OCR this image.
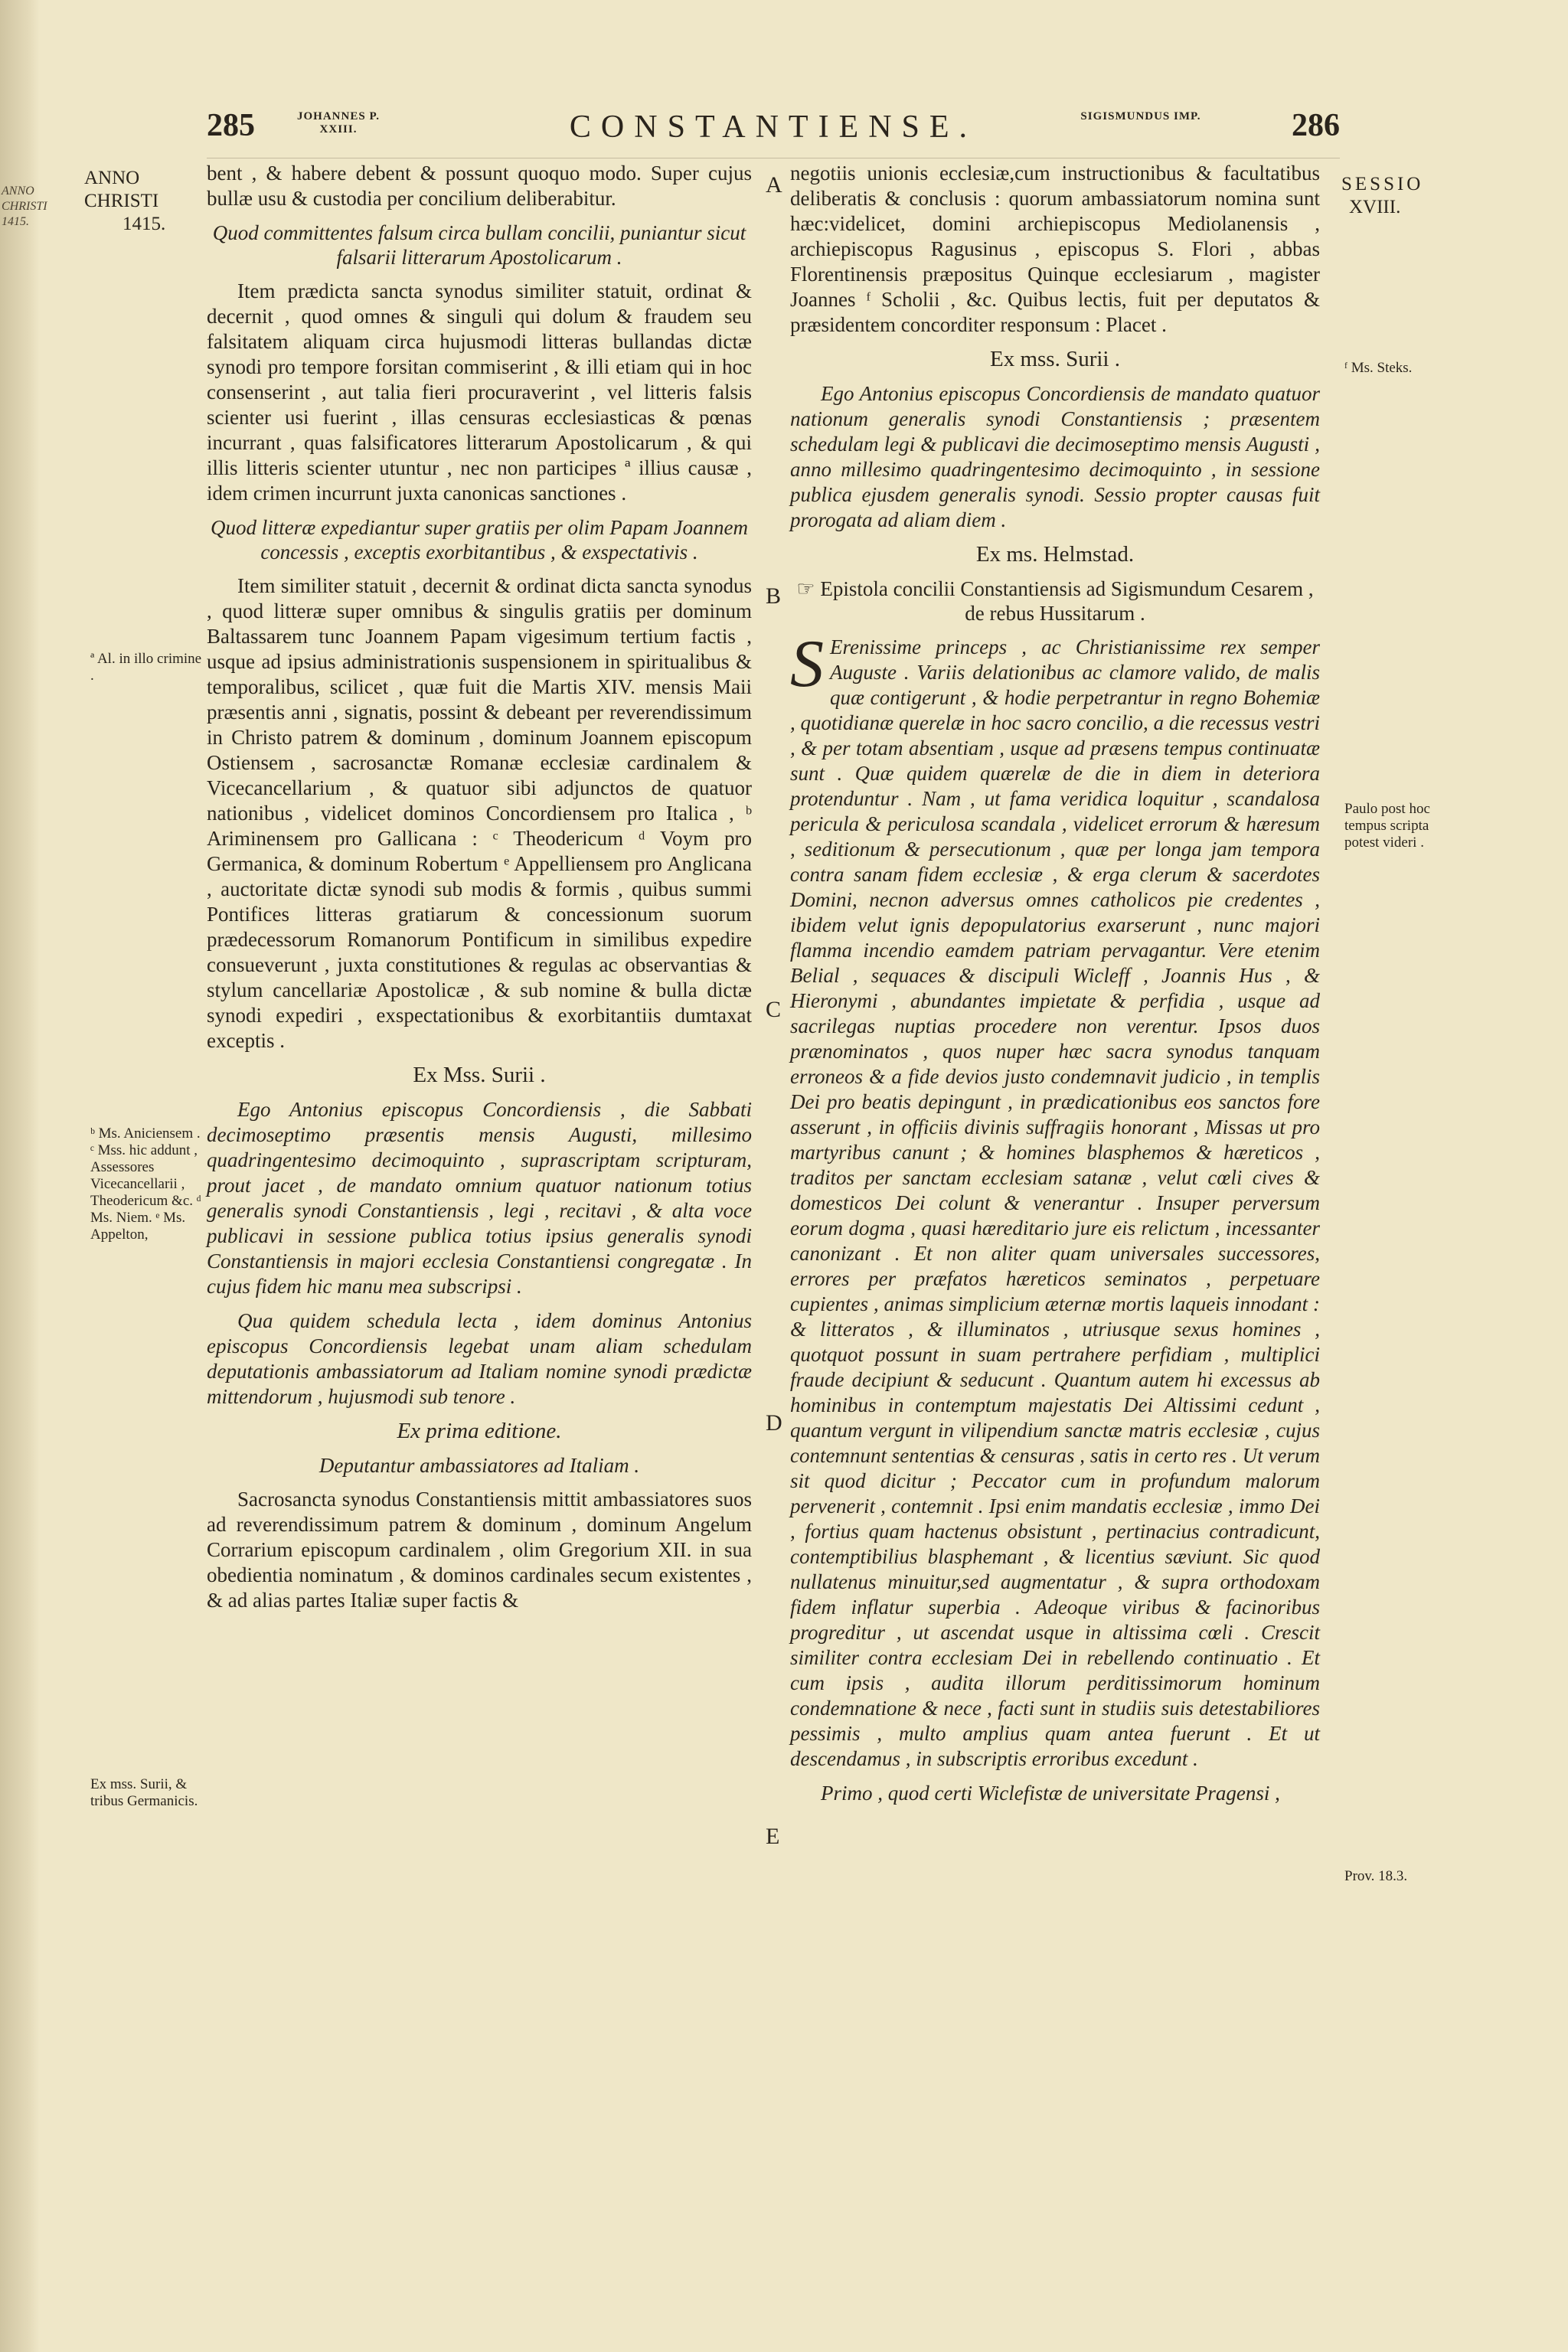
ANNO CHRISTI 1415.
285	JOHANNES P. XXIII.	CONSTANTIENSE.	SIGISMUNDUS IMP.	286
ANNO CHRISTI
1415.
SESSIO
XVIII.

bent , & habere debent & possunt quoquo modo. Super cujus bullæ usu & custodia per concilium deliberabitur.

Quod committentes falsum circa bullam concilii, puniantur sicut falsarii litterarum Apostolicarum .

Item prædicta sancta synodus similiter statuit, ordinat & decernit , quod omnes & singuli qui dolum & fraudem seu falsitatem aliquam circa hujusmodi litteras bullandas dictæ synodi pro tempore forsitan commiserint , & illi etiam qui in hoc consenserint , aut talia fieri procuraverint , vel litteris falsis scienter usi fuerint , illas censuras ecclesiasticas & pœnas incurrant , quas falsificatores litterarum Apostolicarum , & qui illis litteris scienter utuntur , nec non participes ª illius causæ , idem crimen incurrunt juxta canonicas sanctiones .

Quod litteræ expediantur super gratiis per olim Papam Joannem concessis , exceptis exorbitantibus , & exspectativis .

Item similiter statuit , decernit & ordinat dicta sancta synodus , quod litteræ super omnibus & singulis gratiis per dominum Baltassarem tunc Joannem Papam vigesimum tertium factis , usque ad ipsius administrationis suspensionem in spiritualibus & temporalibus, scilicet , quæ fuit die Martis XIV. mensis Maii præsentis anni , signatis, possint & debeant per reverendissimum in Christo patrem & dominum , dominum Joannem episcopum Ostiensem , sacrosanctæ Romanæ ecclesiæ cardinalem & Vicecancellarium , & quatuor sibi adjunctos de quatuor nationibus , videlicet dominos Concordiensem pro Italica , ᵇ Ariminensem pro Gallicana : ᶜ Theodericum ᵈ Voym pro Germanica, & dominum Robertum ᵉ Appelliensem pro Anglicana , auctoritate dictæ synodi sub modis & formis , quibus summi Pontifices litteras gratiarum & concessionum suorum prædecessorum Romanorum Pontificum in similibus expedire consueverunt , juxta constitutiones & regulas ac observantias & stylum cancellariæ Apostolicæ , & sub nomine & bulla dictæ synodi expediri , exspectationibus & exorbitantiis dumtaxat exceptis .

Ex Mss. Surii .

Ego Antonius episcopus Concordiensis , die Sabbati decimoseptimo præsentis mensis Augusti, millesimo quadringentesimo decimoquinto , suprascriptam scripturam, prout jacet , de mandato omnium quatuor nationum totius generalis synodi Constantiensis , legi , recitavi , & alta voce publicavi in sessione publica totius ipsius generalis synodi Constantiensis in majori ecclesia Constantiensi congregatæ . In cujus fidem hic manu mea subscripsi .

Qua quidem schedula lecta , idem dominus Antonius episcopus Concordiensis legebat unam aliam schedulam deputationis ambassiatorum ad Italiam nomine synodi prædictæ mittendorum , hujusmodi sub tenore .

Ex prima editione.

Deputantur ambassiatores ad Italiam .

Sacrosancta synodus Constantiensis mittit ambassiatores suos ad reverendissimum patrem & dominum , dominum Angelum Corrarium episcopum cardinalem , olim Gregorium XII. in sua obedientia nominatum , & dominos cardinales secum existentes , & ad alias partes Italiæ super factis &

negotiis unionis ecclesiæ,cum instructionibus & facultatibus deliberatis & conclusis : quorum ambassiatorum nomina sunt hæc:videlicet, domini archiepiscopus Mediolanensis , archiepiscopus Ragusinus , episcopus S. Flori , abbas Florentinensis præpositus Quinque ecclesiarum , magister Joannes ᶠ Scholii , &c. Quibus lectis, fuit per deputatos & præsidentem concorditer responsum : Placet .

Ex mss. Surii .

Ego Antonius episcopus Concordiensis de mandato quatuor nationum generalis synodi Constantiensis ; præsentem schedulam legi & publicavi die decimoseptimo mensis Augusti , anno millesimo quadringentesimo decimoquinto , in sessione publica ejusdem generalis synodi. Sessio propter causas fuit prorogata ad aliam diem .

Ex ms. Helmstad.

☞ Epistola concilii Constantiensis ad Sigismundum Cesarem , de rebus Hussitarum .

S Erenissime princeps , ac Christianissime rex semper Auguste . Variis delationibus ac clamore valido, de malis quæ contigerunt , & hodie perpetrantur in regno Bohemiæ , quotidianæ querelæ in hoc sacro concilio, a die recessus vestri , & per totam absentiam , usque ad præsens tempus continuatæ sunt . Quæ quidem quærelæ de die in diem in deteriora protenduntur . Nam , ut fama veridica loquitur , scandalosa pericula & periculosa scandala , videlicet errorum & hæresum , seditionum & persecutionum , quæ per longa jam tempora contra sanam fidem ecclesiæ , & erga clerum & sacerdotes Domini, necnon adversus omnes catholicos pie credentes , ibidem velut ignis depopulatorius exarserunt , nunc majori flamma incendio eamdem patriam pervagantur. Vere etenim Belial , sequaces & discipuli Wicleff , Joannis Hus , & Hieronymi , abundantes impietate & perfidia , usque ad sacrilegas nuptias procedere non verentur. Ipsos duos prænominatos , quos nuper hæc sacra synodus tanquam erroneos & a fide devios justo condemnavit judicio , in templis Dei pro beatis depingunt , in prædicationibus eos sanctos fore asserunt , in officiis divinis suffragiis honorant , Missas ut pro martyribus canunt ; & homines blasphemos & hæreticos , traditos per sanctam ecclesiam satanæ , velut cœli cives & domesticos Dei colunt & venerantur . Insuper perversum eorum dogma , quasi hæreditario jure eis relictum , incessanter canonizant . Et non aliter quam universales successores, errores per præfatos hæreticos seminatos , perpetuare cupientes , animas simplicium æternæ mortis laqueis innodant : & litteratos , & illuminatos , utriusque sexus homines , quotquot possunt in suam pertrahere perfidiam , multiplici fraude decipiunt & seducunt . Quantum autem hi excessus ab hominibus in contemptum majestatis Dei Altissimi cedunt , quantum vergunt in vilipendium sanctæ matris ecclesiæ , cujus contemnunt sententias & censuras , satis in certo res . Ut verum sit quod dicitur ; Peccator cum in profundum malorum pervenerit , contemnit . Ipsi enim mandatis ecclesiæ , immo Dei , fortius quam hactenus obsistunt , pertinacius contradicunt, contemptibilius blasphemant , & licentius sæviunt. Sic quod nullatenus minuitur,sed augmentatur , & supra orthodoxam fidem inflatur superbia . Adeoque viribus & facinoribus progreditur , ut ascendat usque in altissima cœli . Crescit similiter contra ecclesiam Dei in rebellendo continuatio . Et cum ipsis , audita illorum perditissimorum hominum condemnatione & nece , facti sunt in studiis suis detestabiliores pessimis , multo amplius quam antea fuerunt . Et ut descendamus , in subscriptis erroribus excedunt .

Primo , quod certi Wiclefistæ de universitate Pragensi ,

ª Al. in illo crimine .
ᵇ Ms. Aniciensem . ᶜ Mss. hic addunt , Assessores Vicecancellarii , Theodericum &c. ᵈ Ms. Niem. ᵉ Ms. Appelton,
Ex mss. Surii, & tribus Germanicis.
ᶠ Ms. Steks.
Paulo post hoc tempus scripta potest videri .
Prov. 18.3.
A
B
C
D
E
